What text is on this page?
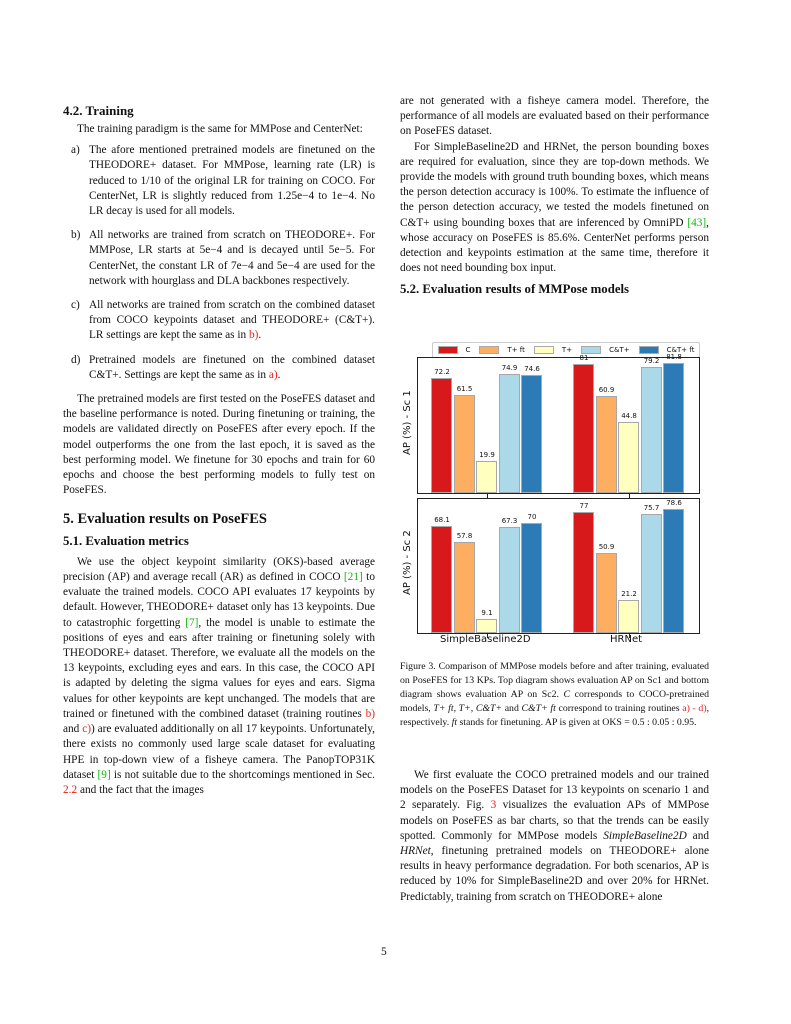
4.2. Training

The training paradigm is the same for MMPose and CenterNet:

a) The afore mentioned pretrained models are finetuned on the THEODORE+ dataset. For MMPose, learning rate (LR) is reduced to 1/10 of the original LR for training on COCO. For CenterNet, LR is slightly reduced from 1.25e−4 to 1e−4. No LR decay is used for all models.
b) All networks are trained from scratch on THEODORE+. For MMPose, LR starts at 5e−4 and is decayed until 5e−5. For CenterNet, the constant LR of 7e−4 and 5e−4 are used for the network with hourglass and DLA backbones respectively.
c) All networks are trained from scratch on the combined dataset from COCO keypoints dataset and THEODORE+ (C&T+). LR settings are kept the same as in b).
d) Pretrained models are finetuned on the combined dataset C&T+. Settings are kept the same as in a).

The pretrained models are first tested on the PoseFES dataset and the baseline performance is noted. During finetuning or training, the models are validated directly on PoseFES after every epoch. If the model outperforms the one from the last epoch, it is saved as the best performing model. We finetune for 30 epochs and train for 60 epochs and choose the best performing models to fully test on PoseFES.

5. Evaluation results on PoseFES
5.1. Evaluation metrics

We use the object keypoint similarity (OKS)-based average precision (AP) and average recall (AR) as defined in COCO [21] to evaluate the trained models. COCO API evaluates 17 keypoints by default. However, THEODORE+ dataset only has 13 keypoints. Due to catastrophic forgetting [7], the model is unable to estimate the positions of eyes and ears after training or finetuning solely with THEODORE+ dataset. Therefore, we evaluate all the models on the 13 keypoints, excluding eyes and ears. In this case, the COCO API is adapted by deleting the sigma values for eyes and ears. Sigma values for other keypoints are kept unchanged. The models that are trained or finetuned with the combined dataset (training routines b) and c)) are evaluated additionally on all 17 keypoints. Unfortunately, there exists no commonly used large scale dataset for evaluating HPE in top-down view of a fisheye camera. The PanopTOP31K dataset [9] is not suitable due to the shortcomings mentioned in Sec. 2.2 and the fact that the images

are not generated with a fisheye camera model. Therefore, the performance of all models are evaluated based on their performance on PoseFES dataset.

For SimpleBaseline2D and HRNet, the person bounding boxes are required for evaluation, since they are top-down methods. We provide the models with ground truth bounding boxes, which means the person detection accuracy is 100%. To estimate the influence of the person detection accuracy, we tested the models finetuned on C&T+ using bounding boxes that are inferenced by OmniPD [43], whose accuracy on PoseFES is 85.6%. CenterNet performs person detection and keypoints estimation at the same time, therefore it does not need bounding box input.

5.2. Evaluation results of MMPose models
C	T+ ft	T+	C&T+	C&T+ ft
AP (%) - Sc 1
72.2
61.5
19.9
74.9 74.6
81
60.9
44.8
79.2
81.8
AP (%) - Sc 2
68.1
57.8
9.1
67.3
70
77
50.9
21.2
75.7
78.6
SimpleBaseline2D	HRNet
Figure 3. Comparison of MMPose models before and after training, evaluated on PoseFES for 13 KPs. Top diagram shows evaluation AP on Sc1 and bottom diagram shows evaluation AP on Sc2. C corresponds to COCO-pretrained models, T+ ft, T+, C&T+ and C&T+ ft correspond to training routines a) - d), respectively. ft stands for finetuning. AP is given at OKS = 0.5 : 0.05 : 0.95.

We first evaluate the COCO pretrained models and our trained models on the PoseFES Dataset for 13 keypoints on scenario 1 and 2 separately. Fig. 3 visualizes the evaluation APs of MMPose models on PoseFES as bar charts, so that the trends can be easily spotted. Commonly for MMPose models SimpleBaseline2D and HRNet, finetuning pretrained models on THEODORE+ alone results in heavy performance degradation. For both scenarios, AP is reduced by 10% for SimpleBaseline2D and over 20% for HRNet. Predictably, training from scratch on THEODORE+ alone

5
